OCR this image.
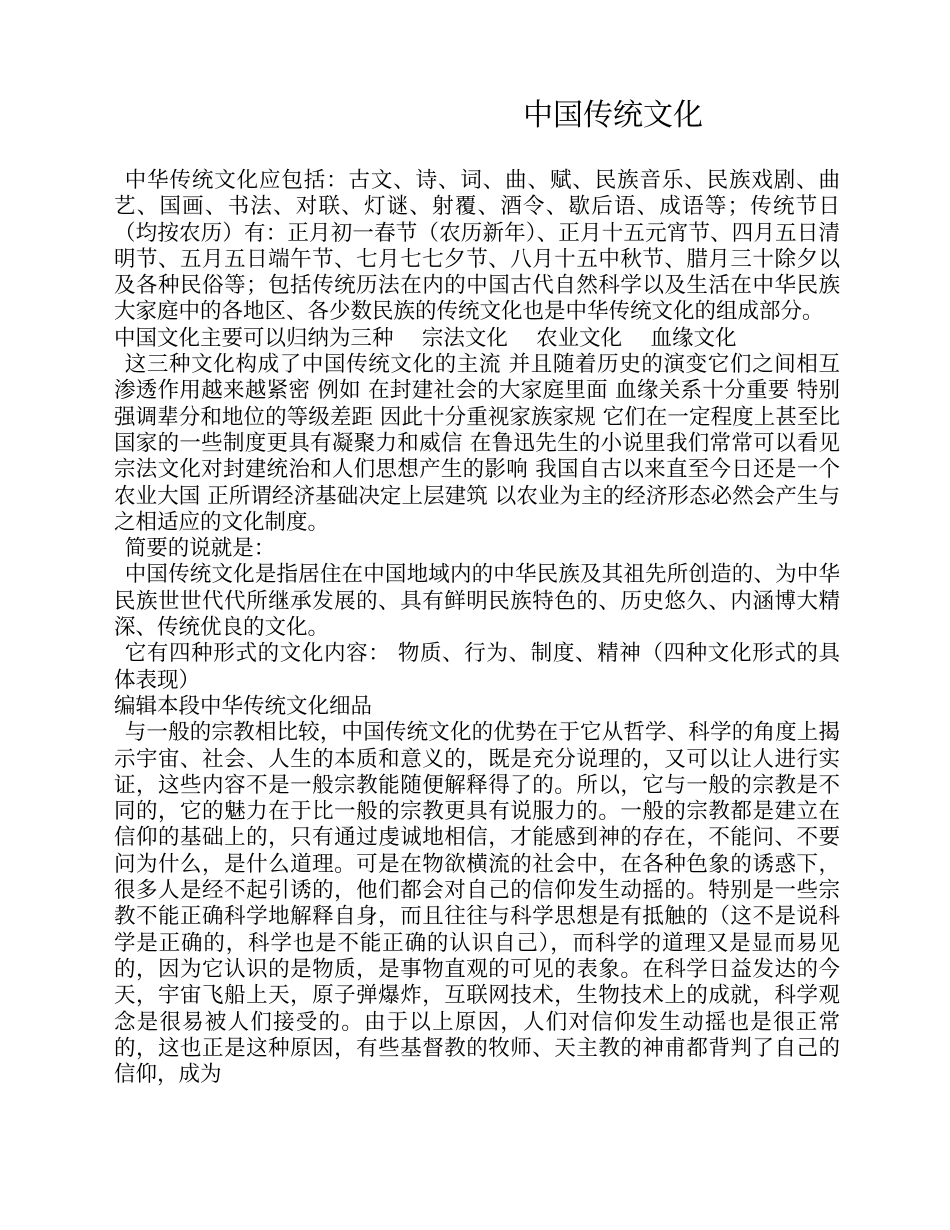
中国传统文化

中华传统文化应包括：古文、诗、词、曲、赋、民族音乐、民族戏剧、曲艺、国画、书法、对联、灯谜、射覆、酒令、歇后语、成语等；传统节日（均按农历）有：正月初一春节（农历新年）、正月十五元宵节、四月五日清明节、五月五日端午节、七月七七夕节、八月十五中秋节、腊月三十除夕以及各种民俗等；包括传统历法在内的中国古代自然科学以及生活在中华民族大家庭中的各地区、各少数民族的传统文化也是中华传统文化的组成部分。

中国文化主要可以归纳为三种　 宗法文化　 农业文化　 血缘文化

这三种文化构成了中国传统文化的主流 并且随着历史的演变它们之间相互渗透作用越来越紧密 例如 在封建社会的大家庭里面 血缘关系十分重要 特别强调辈分和地位的等级差距 因此十分重视家族家规 它们在一定程度上甚至比国家的一些制度更具有凝聚力和威信 在鲁迅先生的小说里我们常常可以看见宗法文化对封建统治和人们思想产生的影响 我国自古以来直至今日还是一个农业大国 正所谓经济基础决定上层建筑 以农业为主的经济形态必然会产生与之相适应的文化制度。

简要的说就是：

中国传统文化是指居住在中国地域内的中华民族及其祖先所创造的、为中华民族世世代代所继承发展的、具有鲜明民族特色的、历史悠久、内涵博大精深、传统优良的文化。

它有四种形式的文化内容： 物质、行为、制度、精神（四种文化形式的具体表现）

编辑本段中华传统文化细品

与一般的宗教相比较，中国传统文化的优势在于它从哲学、科学的角度上揭示宇宙、社会、人生的本质和意义的，既是充分说理的，又可以让人进行实证，这些内容不是一般宗教能随便解释得了的。所以，它与一般的宗教是不同的，它的魅力在于比一般的宗教更具有说服力的。一般的宗教都是建立在信仰的基础上的，只有通过虔诚地相信，才能感到神的存在，不能问、不要问为什么，是什么道理。可是在物欲横流的社会中，在各种色象的诱惑下，很多人是经不起引诱的，他们都会对自己的信仰发生动摇的。特别是一些宗教不能正确科学地解释自身，而且往往与科学思想是有抵触的（这不是说科学是正确的，科学也是不能正确的认识自己），而科学的道理又是显而易见的，因为它认识的是物质，是事物直观的可见的表象。在科学日益发达的今天，宇宙飞船上天，原子弹爆炸，互联网技术，生物技术上的成就，科学观念是很易被人们接受的。由于以上原因，人们对信仰发生动摇也是很正常的，这也正是这种原因，有些基督教的牧师、天主教的神甫都背判了自己的信仰，成为
